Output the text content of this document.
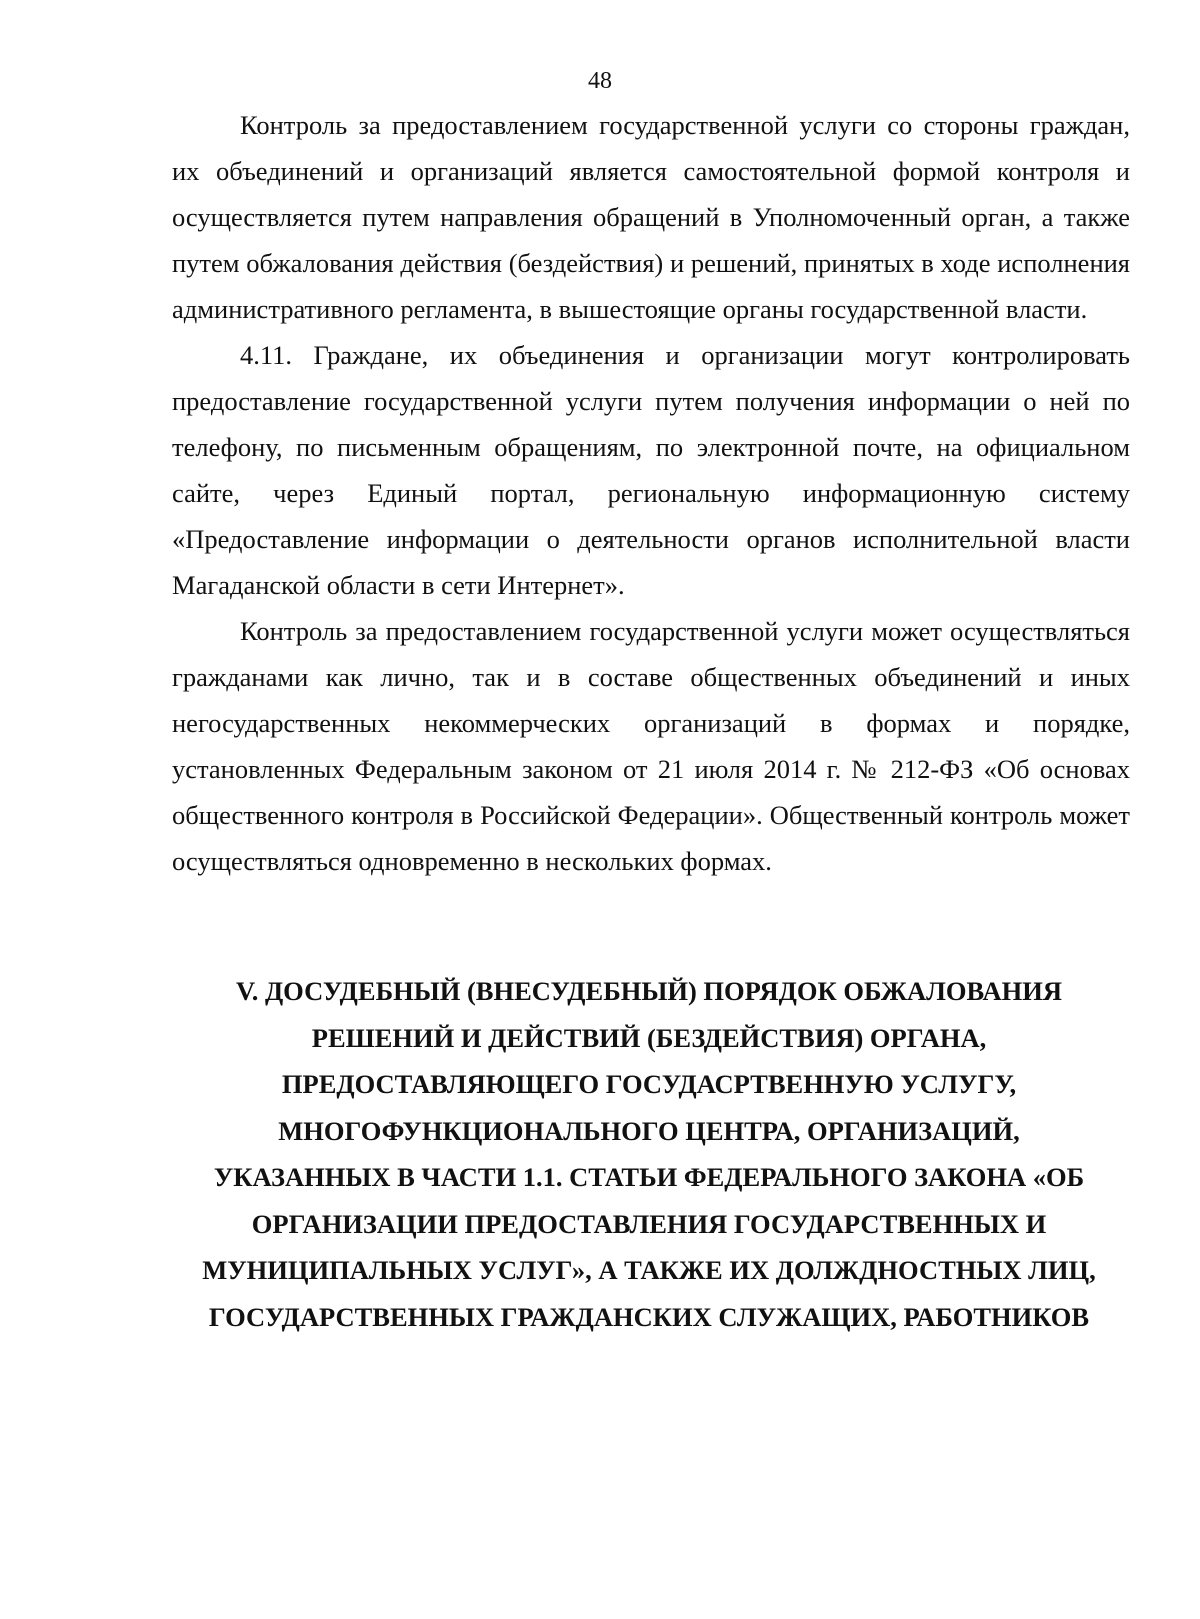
48

Контроль за предоставлением государственной услуги со стороны граждан, их объединений и организаций является самостоятельной формой контроля и осуществляется путем направления обращений в Уполномоченный орган, а также путем обжалования действия (бездействия) и решений, принятых в ходе исполнения административного регламента, в вышестоящие органы государственной власти.

4.11. Граждане, их объединения и организации могут контролировать предоставление государственной услуги путем получения информации о ней по телефону, по письменным обращениям, по электронной почте, на официальном сайте, через Единый портал, региональную информационную систему «Предоставление информации о деятельности органов исполнительной власти Магаданской области в сети Интернет».

Контроль за предоставлением государственной услуги может осуществляться гражданами как лично, так и в составе общественных объединений и иных негосударственных некоммерческих организаций в формах и порядке, установленных Федеральным законом от 21 июля 2014 г. № 212-ФЗ «Об основах общественного контроля в Российской Федерации». Общественный контроль может осуществляться одновременно в нескольких формах.

V. ДОСУДЕБНЫЙ (ВНЕСУДЕБНЫЙ) ПОРЯДОК ОБЖАЛОВАНИЯ
РЕШЕНИЙ И ДЕЙСТВИЙ (БЕЗДЕЙСТВИЯ) ОРГАНА,
ПРЕДОСТАВЛЯЮЩЕГО ГОСУДАСРТВЕННУЮ УСЛУГУ,
МНОГОФУНКЦИОНАЛЬНОГО ЦЕНТРА, ОРГАНИЗАЦИЙ,
УКАЗАННЫХ В ЧАСТИ 1.1. СТАТЬИ ФЕДЕРАЛЬНОГО ЗАКОНА «ОБ
ОРГАНИЗАЦИИ ПРЕДОСТАВЛЕНИЯ ГОСУДАРСТВЕННЫХ И
МУНИЦИПАЛЬНЫХ УСЛУГ», А ТАКЖЕ ИХ ДОЛЖДНОСТНЫХ ЛИЦ,
ГОСУДАРСТВЕННЫХ ГРАЖДАНСКИХ СЛУЖАЩИХ, РАБОТНИКОВ
